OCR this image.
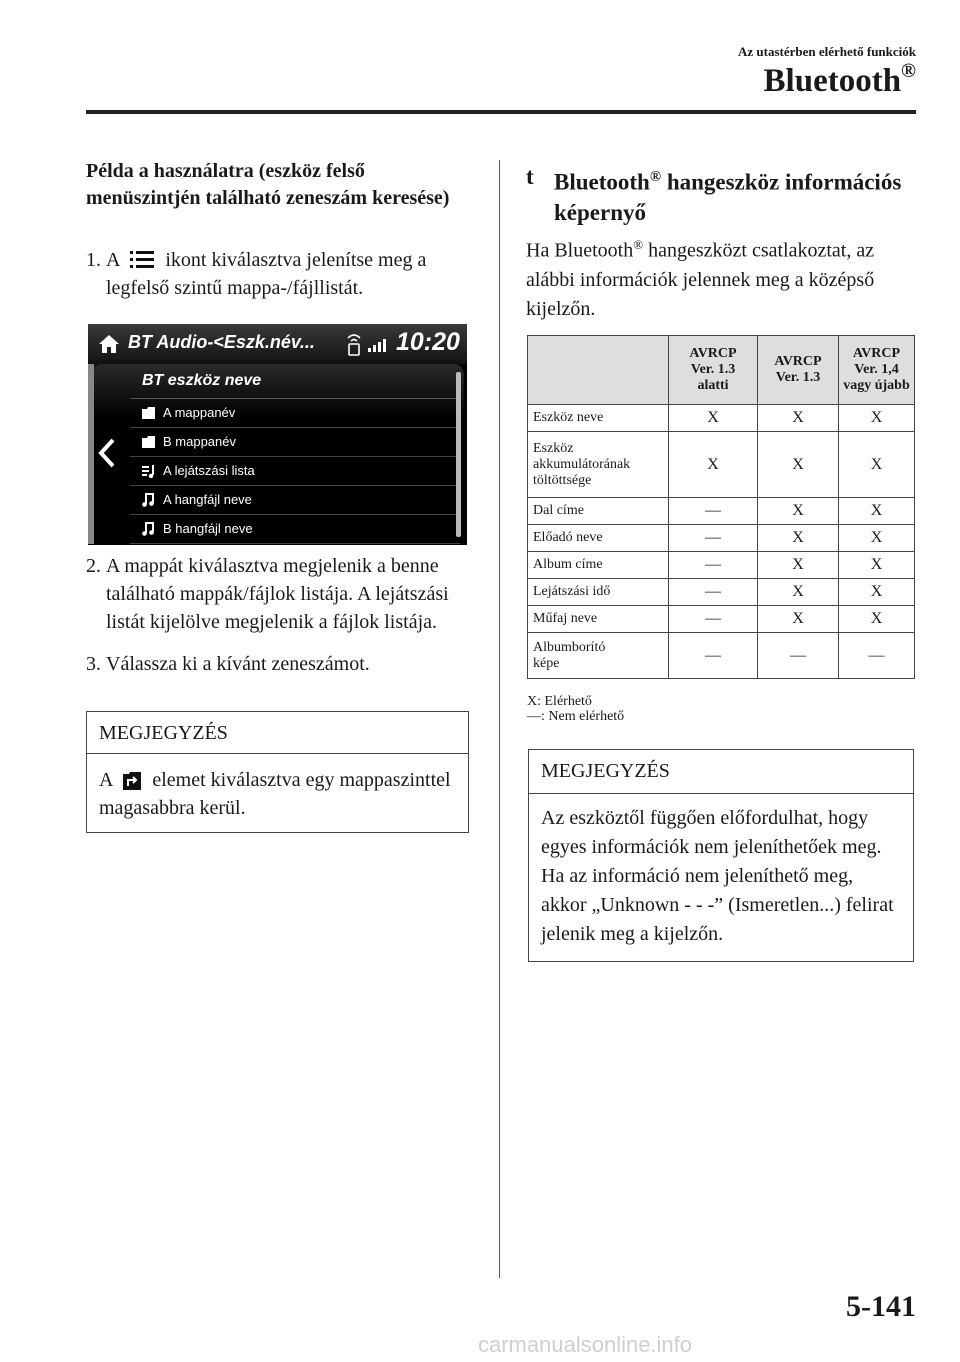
Az utastérben elérhető funkciók
Bluetooth®
Példa a használatra (eszköz felső menüszintjén található zeneszám keresése)
1. A ikont kiválasztva jelenítse meg a legfelső szintű mappa-/fájllistát.
BT Audio-<Eszk.név...	10:20
BT eszköz neve
A mappanév
B mappanév
A lejátszási lista
A hangfájl neve
B hangfájl neve
2. A mappát kiválasztva megjelenik a benne található mappák/fájlok listája. A lejátszási listát kijelölve megjelenik a fájlok listája.
3. Válassza ki a kívánt zeneszámot.
MEGJEGYZÉS
A elemet kiválasztva egy mappaszinttel magasabbra kerül.
t Bluetooth® hangeszköz információs képernyő
Ha Bluetooth® hangeszközt csatlakoztat, az alábbi információk jelennek meg a középső kijelzőn.
	AVRCP
Ver. 1.3
alatti	AVRCP
Ver. 1.3	AVRCP
Ver. 1,4
vagy újabb
Eszköz neve	X	X	X
Eszköz
akkumulátorának
töltöttsége	X	X	X
Dal címe	—	X	X
Előadó neve	—	X	X
Album címe	—	X	X
Lejátszási idő	—	X	X
Műfaj neve	—	X	X
Albumborító
képe	—	—	—
X: Elérhető
—: Nem elérhető
MEGJEGYZÉS
Az eszköztől függően előfordulhat, hogy egyes információk nem jeleníthetőek meg. Ha az információ nem jeleníthető meg, akkor „Unknown - - -” (Ismeretlen...) felirat jelenik meg a kijelzőn.
5-141
carmanualsonline.info
